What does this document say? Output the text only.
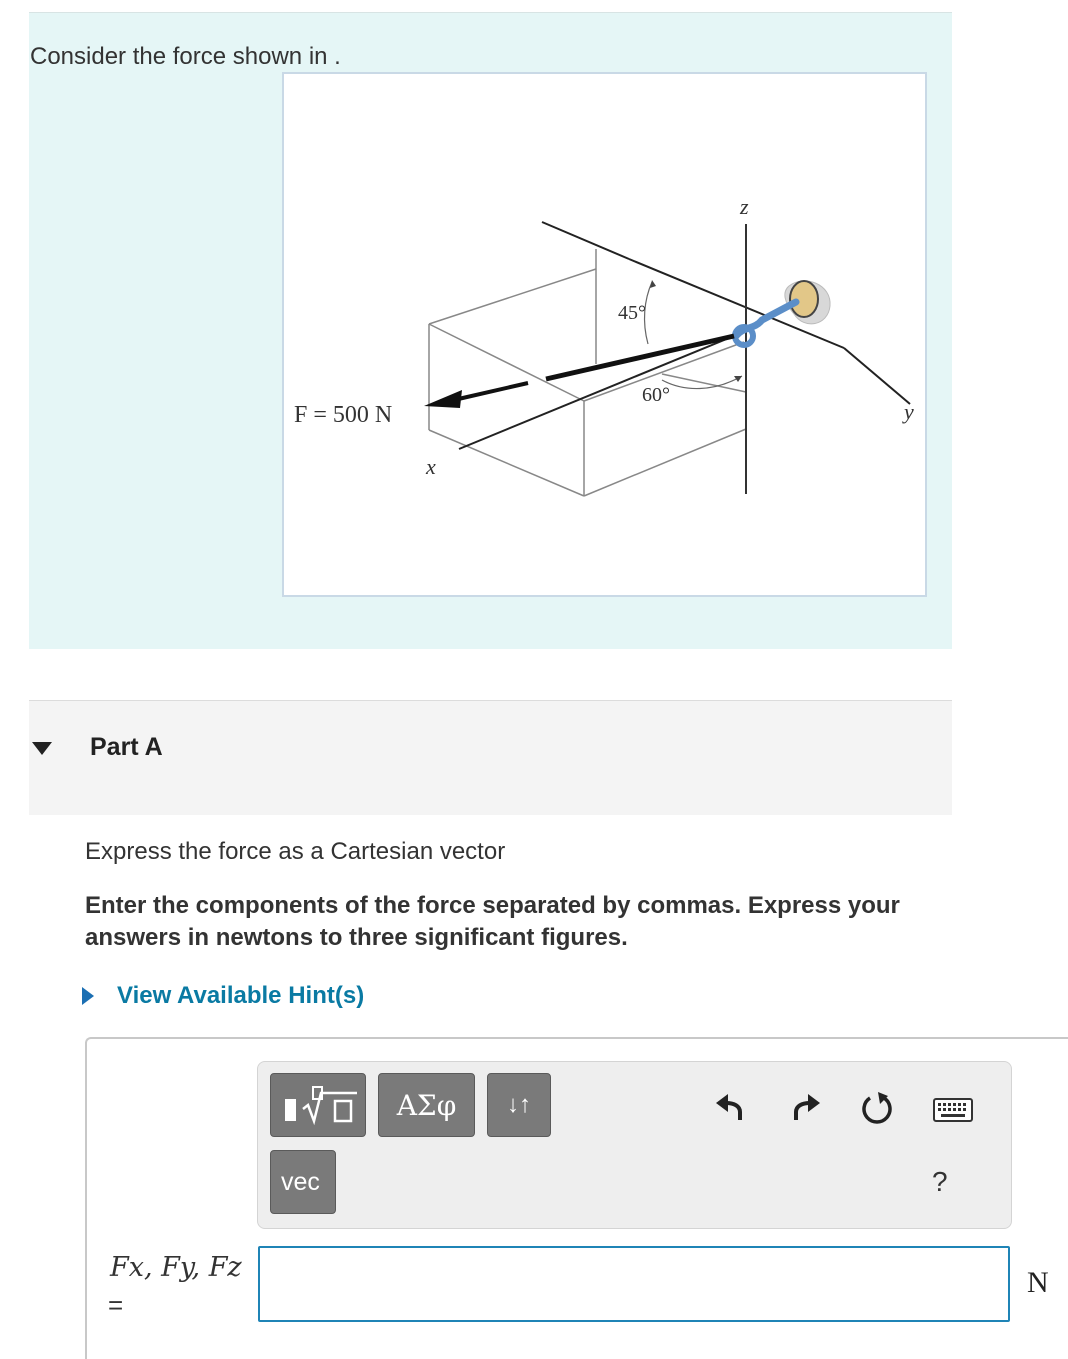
Consider the force shown in .
45°
60°
F = 500 N
x
y
z
Part A
Express the force as a Cartesian vector
Enter the components of the force separated by commas. Express your answers in newtons to three significant figures.
View Available Hint(s)
ΑΣφ	↓↑
vec	?
Fx, Fy, Fz
=
N
